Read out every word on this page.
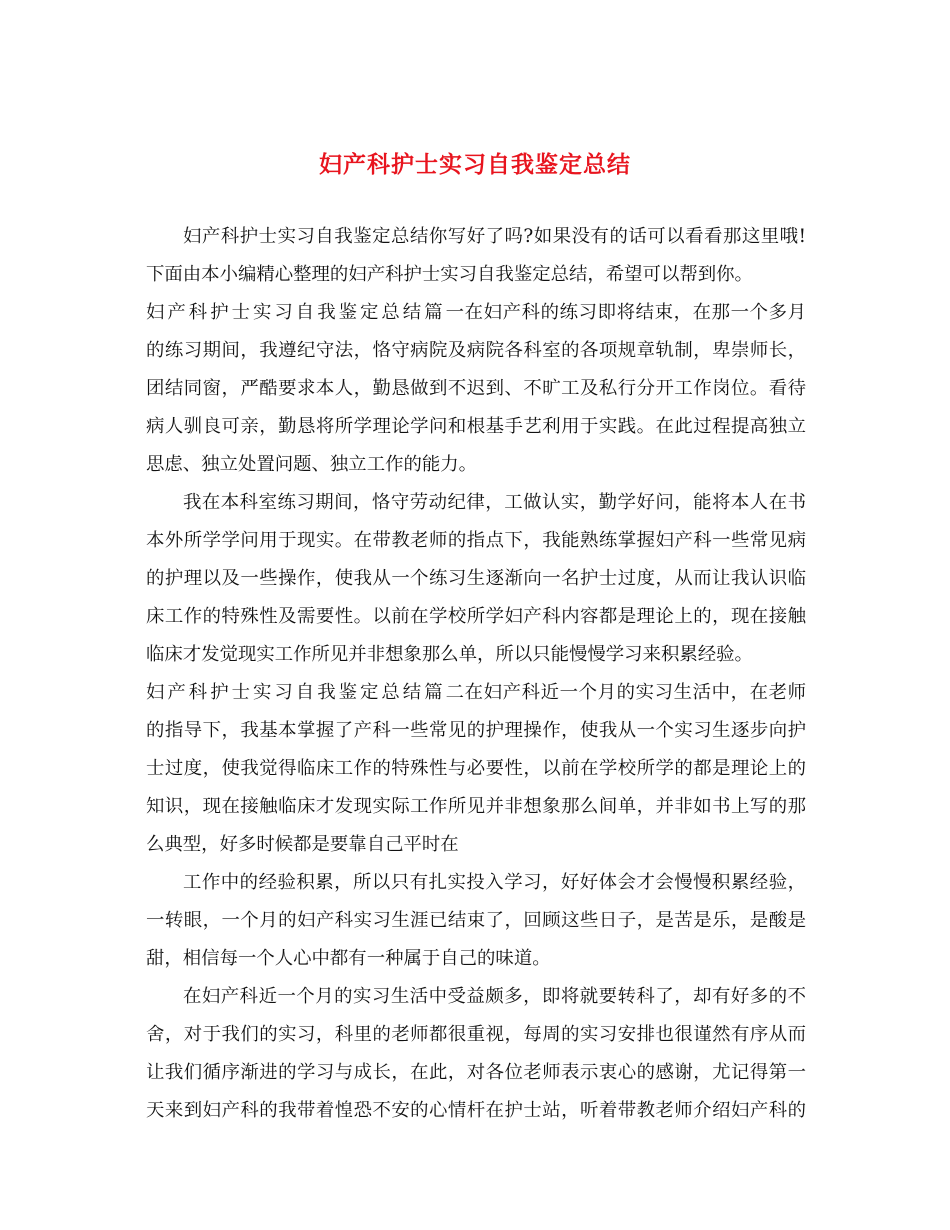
妇产科护士实习自我鉴定总结
妇产科护士实习自我鉴定总结你写好了吗?如果没有的话可以看看那这里哦!
下面由本小编精心整理的妇产科护士实习自我鉴定总结，希望可以帮到你。
妇产科护士实习自我鉴定总结篇一在妇产科的练习即将结束，在那一个多月
的练习期间，我遵纪守法，恪守病院及病院各科室的各项规章轨制，卑崇师长，
团结同窗，严酷要求本人，勤恳做到不迟到、不旷工及私行分开工作岗位。看待
病人驯良可亲，勤恳将所学理论学问和根基手艺利用于实践。在此过程提高独立
思虑、独立处置问题、独立工作的能力。
我在本科室练习期间，恪守劳动纪律，工做认实，勤学好问，能将本人在书
本外所学学问用于现实。在带教老师的指点下，我能熟练掌握妇产科一些常见病
的护理以及一些操作，使我从一个练习生逐渐向一名护士过度，从而让我认识临
床工作的特殊性及需要性。以前在学校所学妇产科内容都是理论上的，现在接触
临床才发觉现实工作所见并非想象那么单，所以只能慢慢学习来积累经验。
妇产科护士实习自我鉴定总结篇二在妇产科近一个月的实习生活中，在老师
的指导下，我基本掌握了产科一些常见的护理操作，使我从一个实习生逐步向护
士过度，使我觉得临床工作的特殊性与必要性，以前在学校所学的都是理论上的
知识，现在接触临床才发现实际工作所见并非想象那么间单，并非如书上写的那
么典型，好多时候都是要靠自己平时在
工作中的经验积累，所以只有扎实投入学习，好好体会才会慢慢积累经验，
一转眼，一个月的妇产科实习生涯已结束了，回顾这些日子，是苦是乐，是酸是
甜，相信每一个人心中都有一种属于自己的味道。
在妇产科近一个月的实习生活中受益颇多，即将就要转科了，却有好多的不
舍，对于我们的实习，科里的老师都很重视，每周的实习安排也很谨然有序从而
让我们循序渐进的学习与成长，在此，对各位老师表示衷心的感谢，尤记得第一
天来到妇产科的我带着惶恐不安的心情杆在护士站，听着带教老师介绍妇产科的
